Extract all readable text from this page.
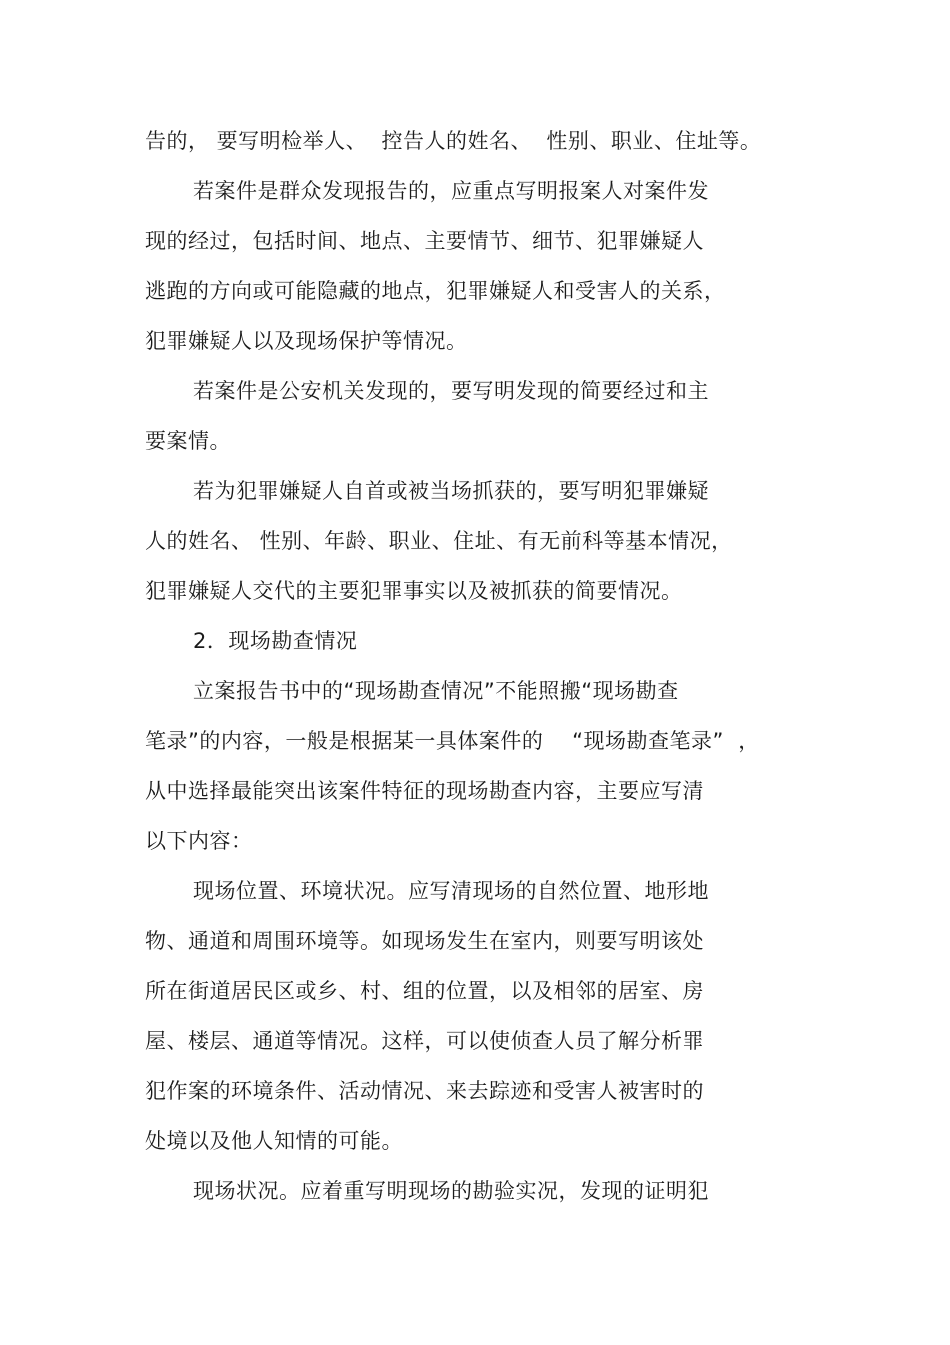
告的， 要写明检举人、  控告人的姓名、  性别、职业、住址等。
若案件是群众发现报告的，应重点写明报案人对案件发
现的经过，包括时间、地点、主要情节、细节、犯罪嫌疑人
逃跑的方向或可能隐藏的地点，犯罪嫌疑人和受害人的关系，
犯罪嫌疑人以及现场保护等情况。
若案件是公安机关发现的，要写明发现的简要经过和主
要案情。
若为犯罪嫌疑人自首或被当场抓获的，要写明犯罪嫌疑
人的姓名、 性别、年龄、职业、住址、有无前科等基本情况，
犯罪嫌疑人交代的主要犯罪事实以及被抓获的简要情况。
2．现场勘查情况
立案报告书中的“现场勘查情况”不能照搬“现场勘查
笔录”的内容，一般是根据某一具体案件的    “现场勘查笔录”  ，
从中选择最能突出该案件特征的现场勘查内容，主要应写清
以下内容：
现场位置、环境状况。应写清现场的自然位置、地形地
物、通道和周围环境等。如现场发生在室内，则要写明该处
所在街道居民区或乡、村、组的位置，以及相邻的居室、房
屋、楼层、通道等情况。这样，可以使侦查人员了解分析罪
犯作案的环境条件、活动情况、来去踪迹和受害人被害时的
处境以及他人知情的可能。
现场状况。应着重写明现场的勘验实况，发现的证明犯
